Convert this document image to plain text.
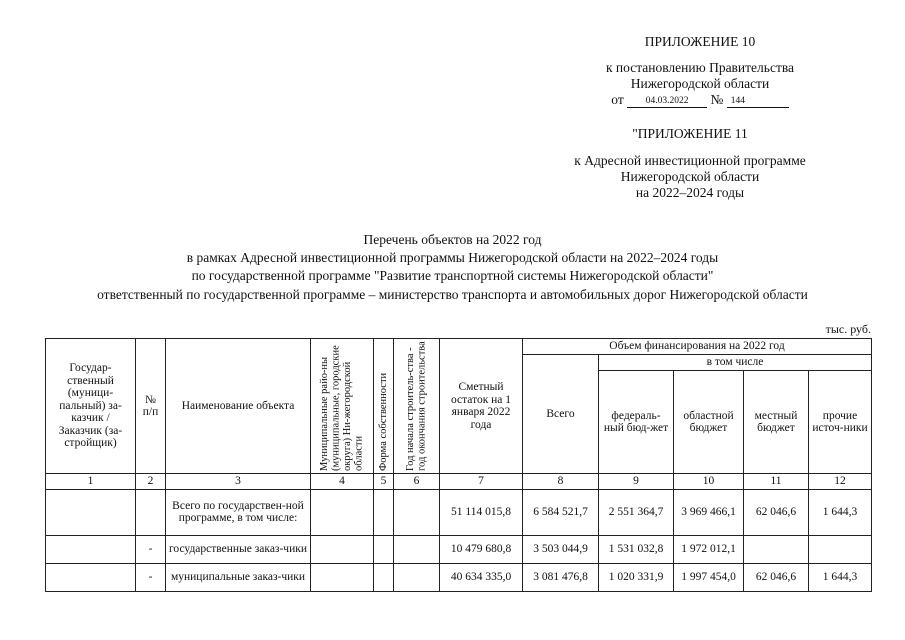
ПРИЛОЖЕНИЕ 10
к постановлению Правительства
Нижегородской области
от 04.03.2022 № 144
"ПРИЛОЖЕНИЕ 11
к Адресной инвестиционной программе
Нижегородской области
на 2022–2024 годы
Перечень объектов на 2022 год
в рамках Адресной инвестиционной программы Нижегородской области на 2022–2024 годы
по государственной программе "Развитие транспортной системы Нижегородской области"
ответственный по государственной программе – министерство транспорта и автомобильных дорог Нижегородской области
тыс. руб.
Государ-ственный (муници-пальный) за-казчик / Заказчик (за-стройщик)	№ п/п	Наименование объекта	Муниципальные райо-ны (муниципальные, городские округа) Ни-жегородской области	Форма собственности	Год начала строитель-ства - год окончания строительства	Сметный остаток на 1 января 2022 года	Объем финансирования на 2022 год				
							Всего	в том числе			
								федераль-ный бюд-жет	областной бюджет	местный бюджет	прочие источ-ники
1	2	3	4	5	6	7	8	9	10	11	12
		Всего по государствен-ной программе, в том числе:				51 114 015,8	6 584 521,7	2 551 364,7	3 969 466,1	62 046,6	1 644,3
	-	государственные заказ-чики				10 479 680,8	3 503 044,9	1 531 032,8	1 972 012,1		
	-	муниципальные заказ-чики				40 634 335,0	3 081 476,8	1 020 331,9	1 997 454,0	62 046,6	1 644,3
